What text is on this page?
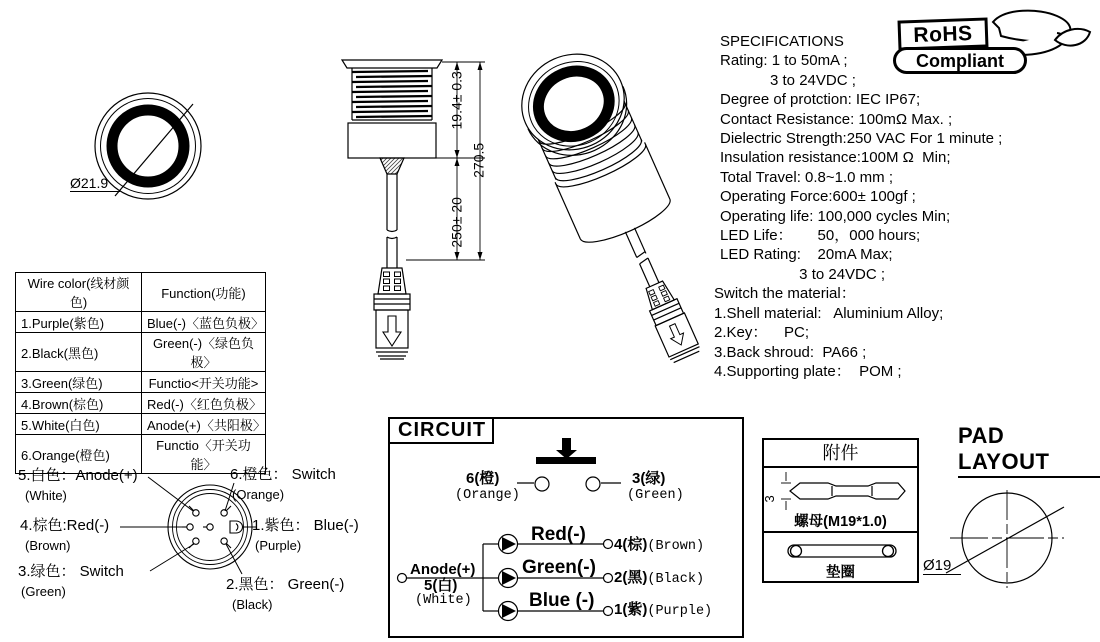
Ø21.9
19.4± 0.3
250± 20
270.5
RoHS
Compliant
SPECIFICATIONS
Rating: 1 to 50mA ;
3 to 24VDC ;
Degree of protction: IEC IP67;
Contact Resistance: 100mΩ Max. ;
Dielectric Strength:250 VAC For 1 minute ;
Insulation resistance:100M Ω  Min;
Total Travel: 0.8~1.0 mm ;
Operating Force:600± 100gf ;
Operating life: 100,000 cycles Min;
LED Life：      50，000 hours;
LED Rating:    20mA Max;
3 to 24VDC ;
Switch the material：
1.Shell material:   Aluminium Alloy;
2.Key：    PC;
3.Back shroud:  PA66 ;
4.Supporting plate：  POM ;
Wire color(线材颜色)	Function(功能)
1.Purple(紫色)	Blue(-)〈蓝色负极〉
2.Black(黑色)	Green(-)〈绿色负极〉
3.Green(绿色)	Functio<开关功能>
4.Brown(棕色)	Red(-)〈红色负极〉
5.White(白色)	Anode(+)〈共阳极〉
6.Orange(橙色)	Functio〈开关功能〉
5.白色：Anode(+)
(White)
4.棕色:Red(-)
(Brown)
3.绿色： Switch
(Green)
6.橙色： Switch
(Orange)
1.紫色： Blue(-)
(Purple)
2.黑色： Green(-)
(Black)
CIRCUIT
6(橙)
(Orange)
3(绿)
(Green)
Anode(+)
5(白)
(White)
Red(-)
Green(-)
Blue (-)
4(棕)(Brown)
2(黑)(Black)
1(紫)(Purple)
附件
3
螺母(M19*1.0)
垫圈
PAD LAYOUT
Ø19
